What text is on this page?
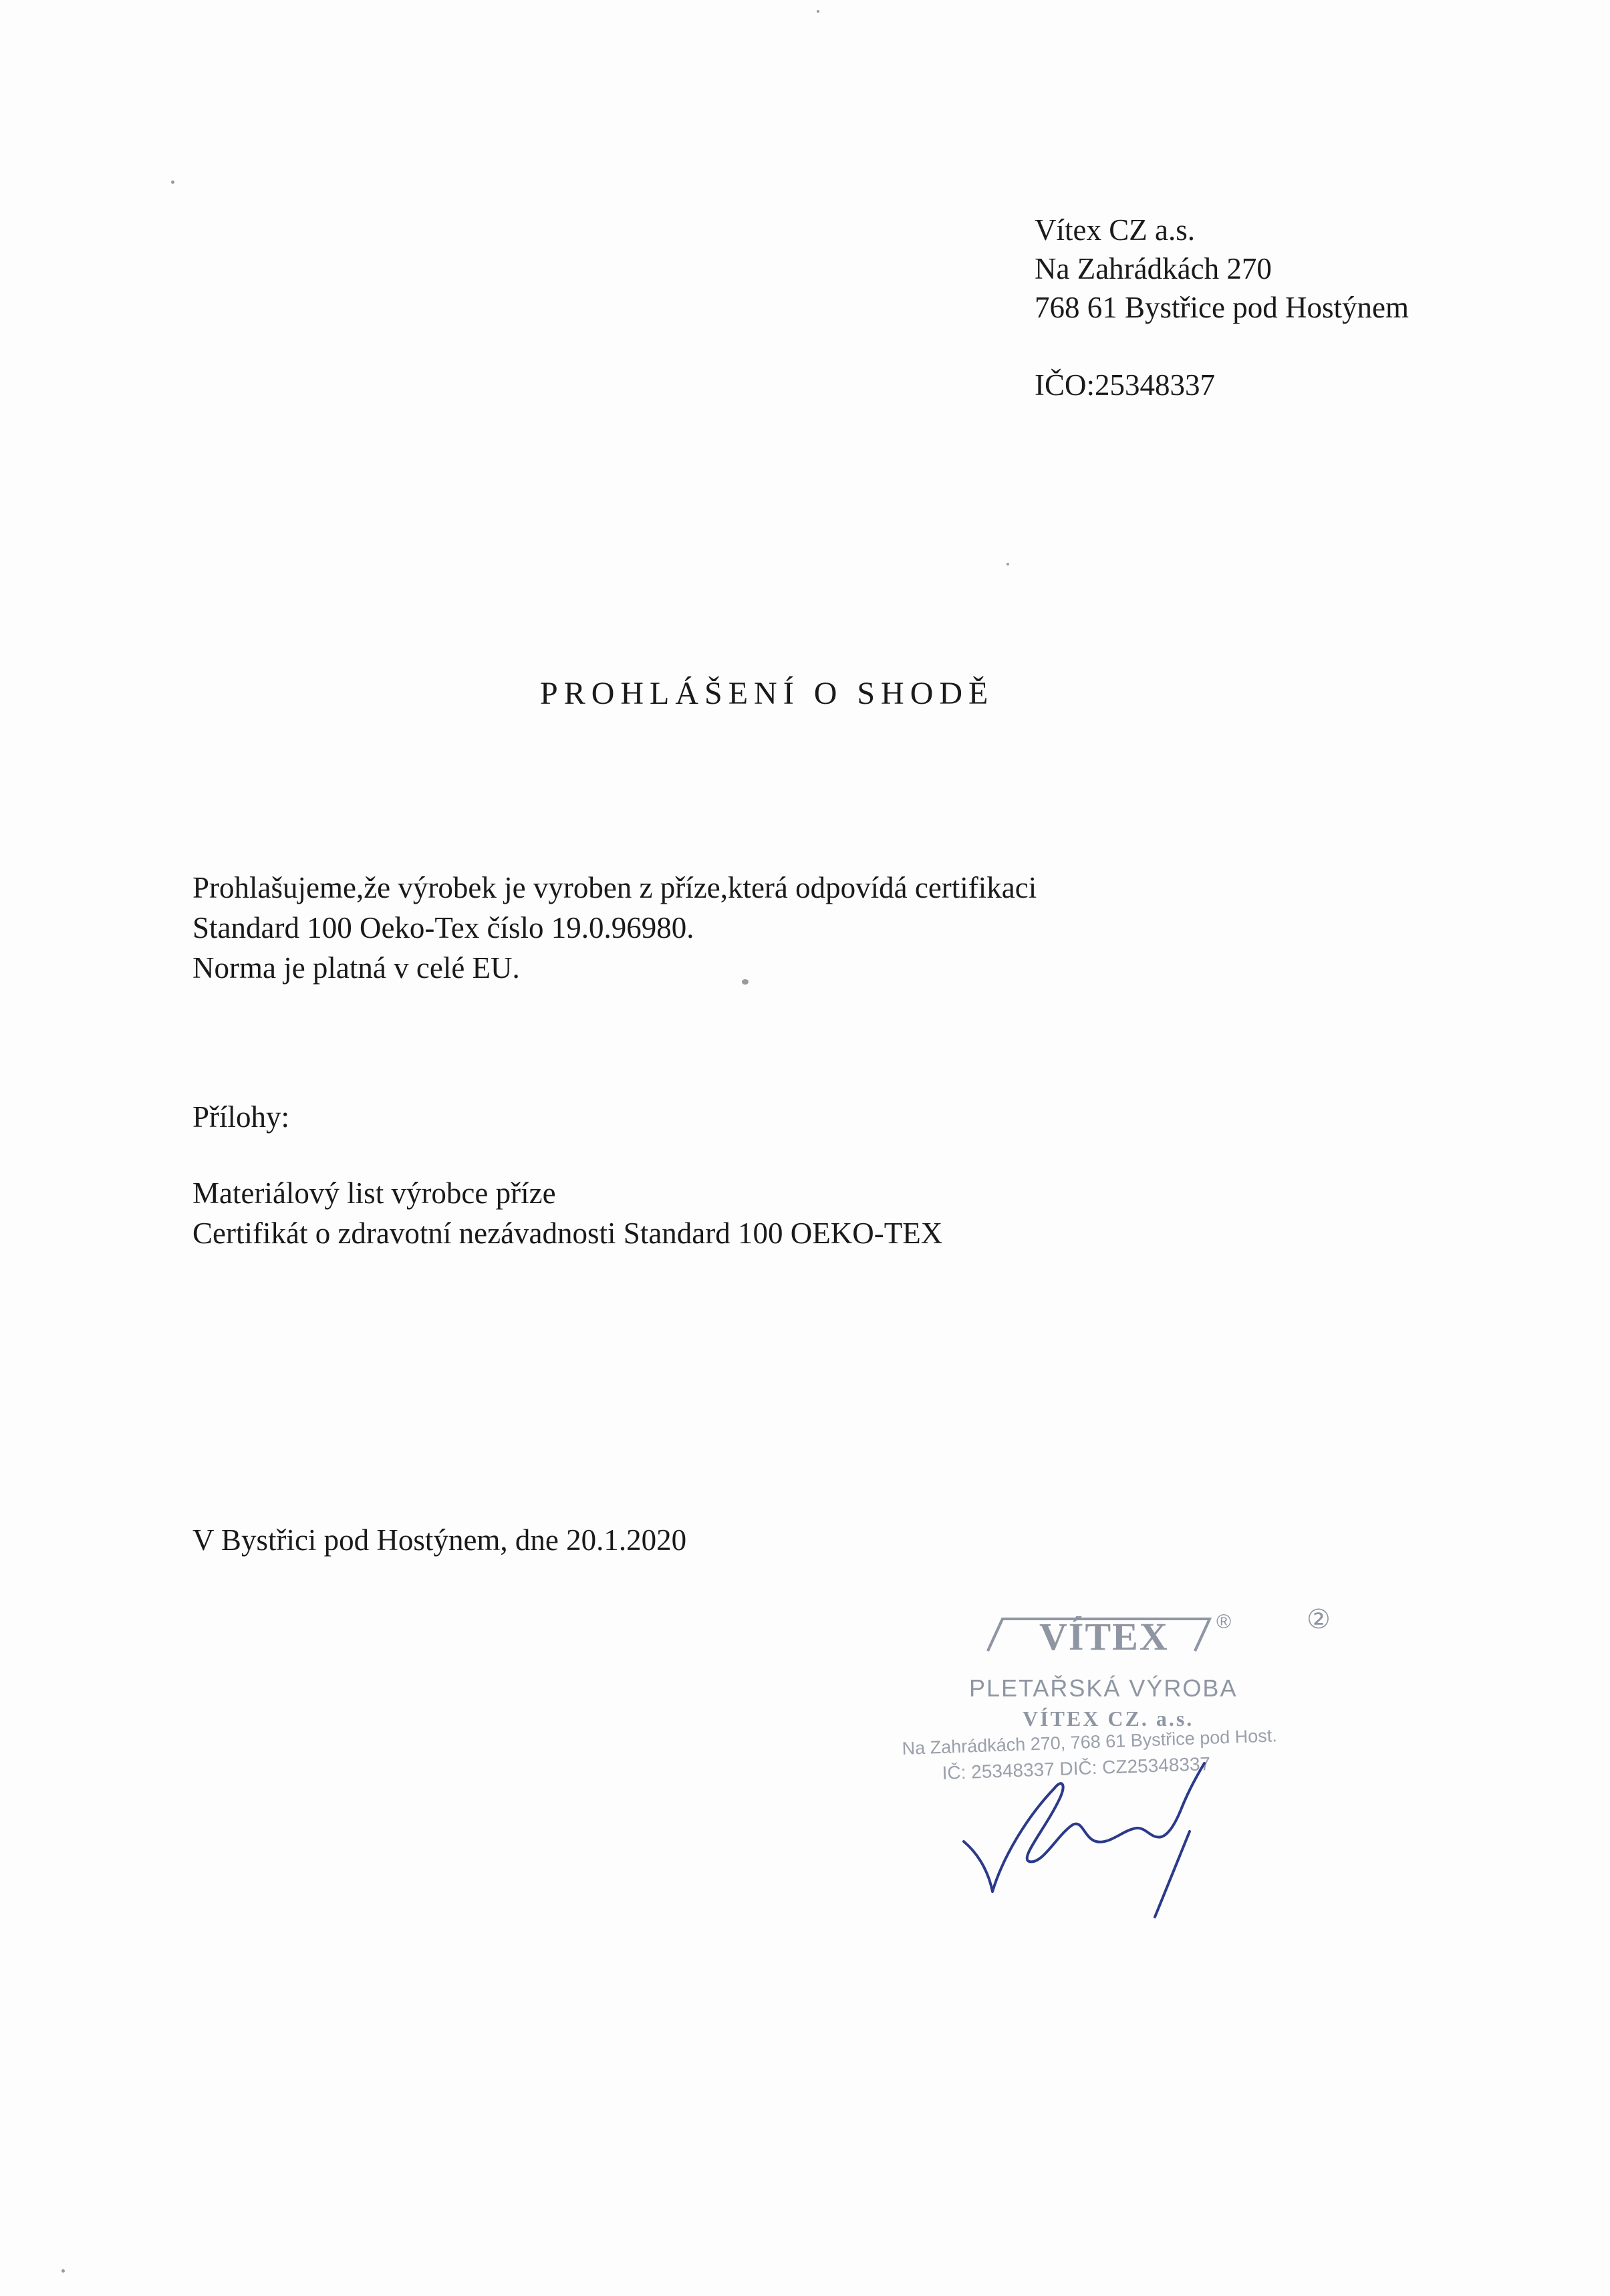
Vítex CZ a.s.
Na Zahrádkách 270
768 61 Bystřice pod Hostýnem
IČO:25348337
PROHLÁŠENÍ O SHODĚ
Prohlašujeme,že výrobek je vyroben z příze,která odpovídá certifikaci
Standard 100 Oeko-Tex číslo 19.0.96980.
Norma je platná v celé EU.
Přílohy:
Materiálový list výrobce příze
Certifikát o zdravotní nezávadnosti Standard 100 OEKO-TEX
V Bystřici pod Hostýnem, dne 20.1.2020
VÍTEX ®	②
PLETAŘSKÁ VÝROBA
VÍTEX CZ. a.s.
Na Zahrádkách 270, 768 61 Bystřice pod Host.
IČ: 25348337 DIČ: CZ25348337
